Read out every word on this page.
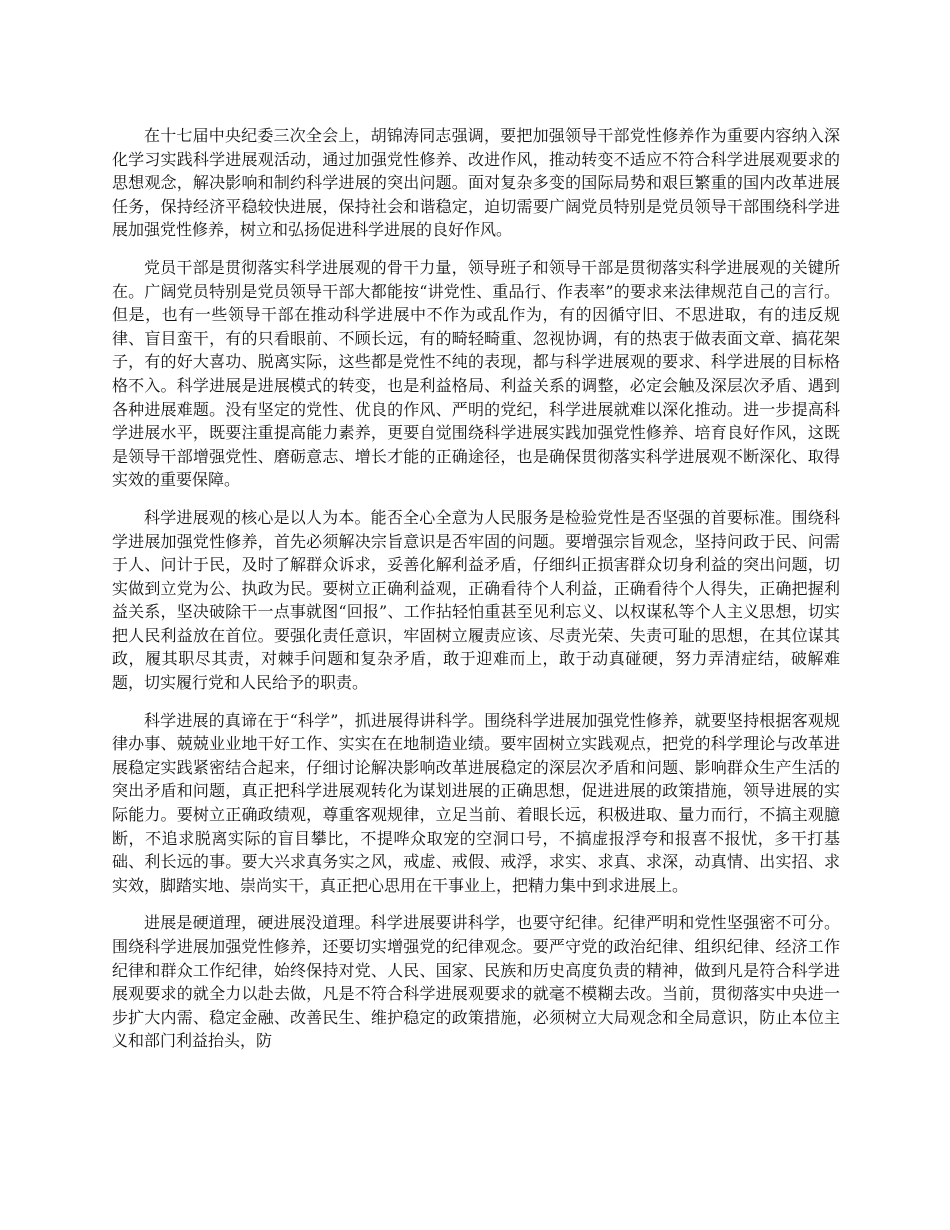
在十七届中央纪委三次全会上，胡锦涛同志强调，要把加强领导干部党性修养作为重要内容纳入深化学习实践科学进展观活动，通过加强党性修养、改进作风，推动转变不适应不符合科学进展观要求的思想观念，解决影响和制约科学进展的突出问题。面对复杂多变的国际局势和艰巨繁重的国内改革进展任务，保持经济平稳较快进展，保持社会和谐稳定，迫切需要广阔党员特别是党员领导干部围绕科学进展加强党性修养，树立和弘扬促进科学进展的良好作风。

党员干部是贯彻落实科学进展观的骨干力量，领导班子和领导干部是贯彻落实科学进展观的关键所在。广阔党员特别是党员领导干部大都能按“讲党性、重品行、作表率”的要求来法律规范自己的言行。但是，也有一些领导干部在推动科学进展中不作为或乱作为，有的因循守旧、不思进取，有的违反规律、盲目蛮干，有的只看眼前、不顾长远，有的畸轻畸重、忽视协调，有的热衷于做表面文章、搞花架子，有的好大喜功、脱离实际，这些都是党性不纯的表现，都与科学进展观的要求、科学进展的目标格格不入。科学进展是进展模式的转变，也是利益格局、利益关系的调整，必定会触及深层次矛盾、遇到各种进展难题。没有坚定的党性、优良的作风、严明的党纪，科学进展就难以深化推动。进一步提高科学进展水平，既要注重提高能力素养，更要自觉围绕科学进展实践加强党性修养、培育良好作风，这既是领导干部增强党性、磨砺意志、增长才能的正确途径，也是确保贯彻落实科学进展观不断深化、取得实效的重要保障。

科学进展观的核心是以人为本。能否全心全意为人民服务是检验党性是否坚强的首要标准。围绕科学进展加强党性修养，首先必须解决宗旨意识是否牢固的问题。要增强宗旨观念，坚持问政于民、问需于人、问计于民，及时了解群众诉求，妥善化解利益矛盾，仔细纠正损害群众切身利益的突出问题，切实做到立党为公、执政为民。要树立正确利益观，正确看待个人利益，正确看待个人得失，正确把握利益关系，坚决破除干一点事就图“回报”、工作拈轻怕重甚至见利忘义、以权谋私等个人主义思想，切实把人民利益放在首位。要强化责任意识，牢固树立履责应该、尽责光荣、失责可耻的思想，在其位谋其政，履其职尽其责，对棘手问题和复杂矛盾，敢于迎难而上，敢于动真碰硬，努力弄清症结，破解难题，切实履行党和人民给予的职责。

科学进展的真谛在于“科学”，抓进展得讲科学。围绕科学进展加强党性修养，就要坚持根据客观规律办事、兢兢业业地干好工作、实实在在地制造业绩。要牢固树立实践观点，把党的科学理论与改革进展稳定实践紧密结合起来，仔细讨论解决影响改革进展稳定的深层次矛盾和问题、影响群众生产生活的突出矛盾和问题，真正把科学进展观转化为谋划进展的正确思想，促进进展的政策措施，领导进展的实际能力。要树立正确政绩观，尊重客观规律，立足当前、着眼长远，积极进取、量力而行，不搞主观臆断，不追求脱离实际的盲目攀比，不提哗众取宠的空洞口号，不搞虚报浮夸和报喜不报忧，多干打基础、利长远的事。要大兴求真务实之风，戒虚、戒假、戒浮，求实、求真、求深，动真情、出实招、求实效，脚踏实地、崇尚实干，真正把心思用在干事业上，把精力集中到求进展上。

进展是硬道理，硬进展没道理。科学进展要讲科学，也要守纪律。纪律严明和党性坚强密不可分。围绕科学进展加强党性修养，还要切实增强党的纪律观念。要严守党的政治纪律、组织纪律、经济工作纪律和群众工作纪律，始终保持对党、人民、国家、民族和历史高度负责的精神，做到凡是符合科学进展观要求的就全力以赴去做，凡是不符合科学进展观要求的就毫不模糊去改。当前，贯彻落实中央进一步扩大内需、稳定金融、改善民生、维护稳定的政策措施，必须树立大局观念和全局意识，防止本位主义和部门利益抬头，防
